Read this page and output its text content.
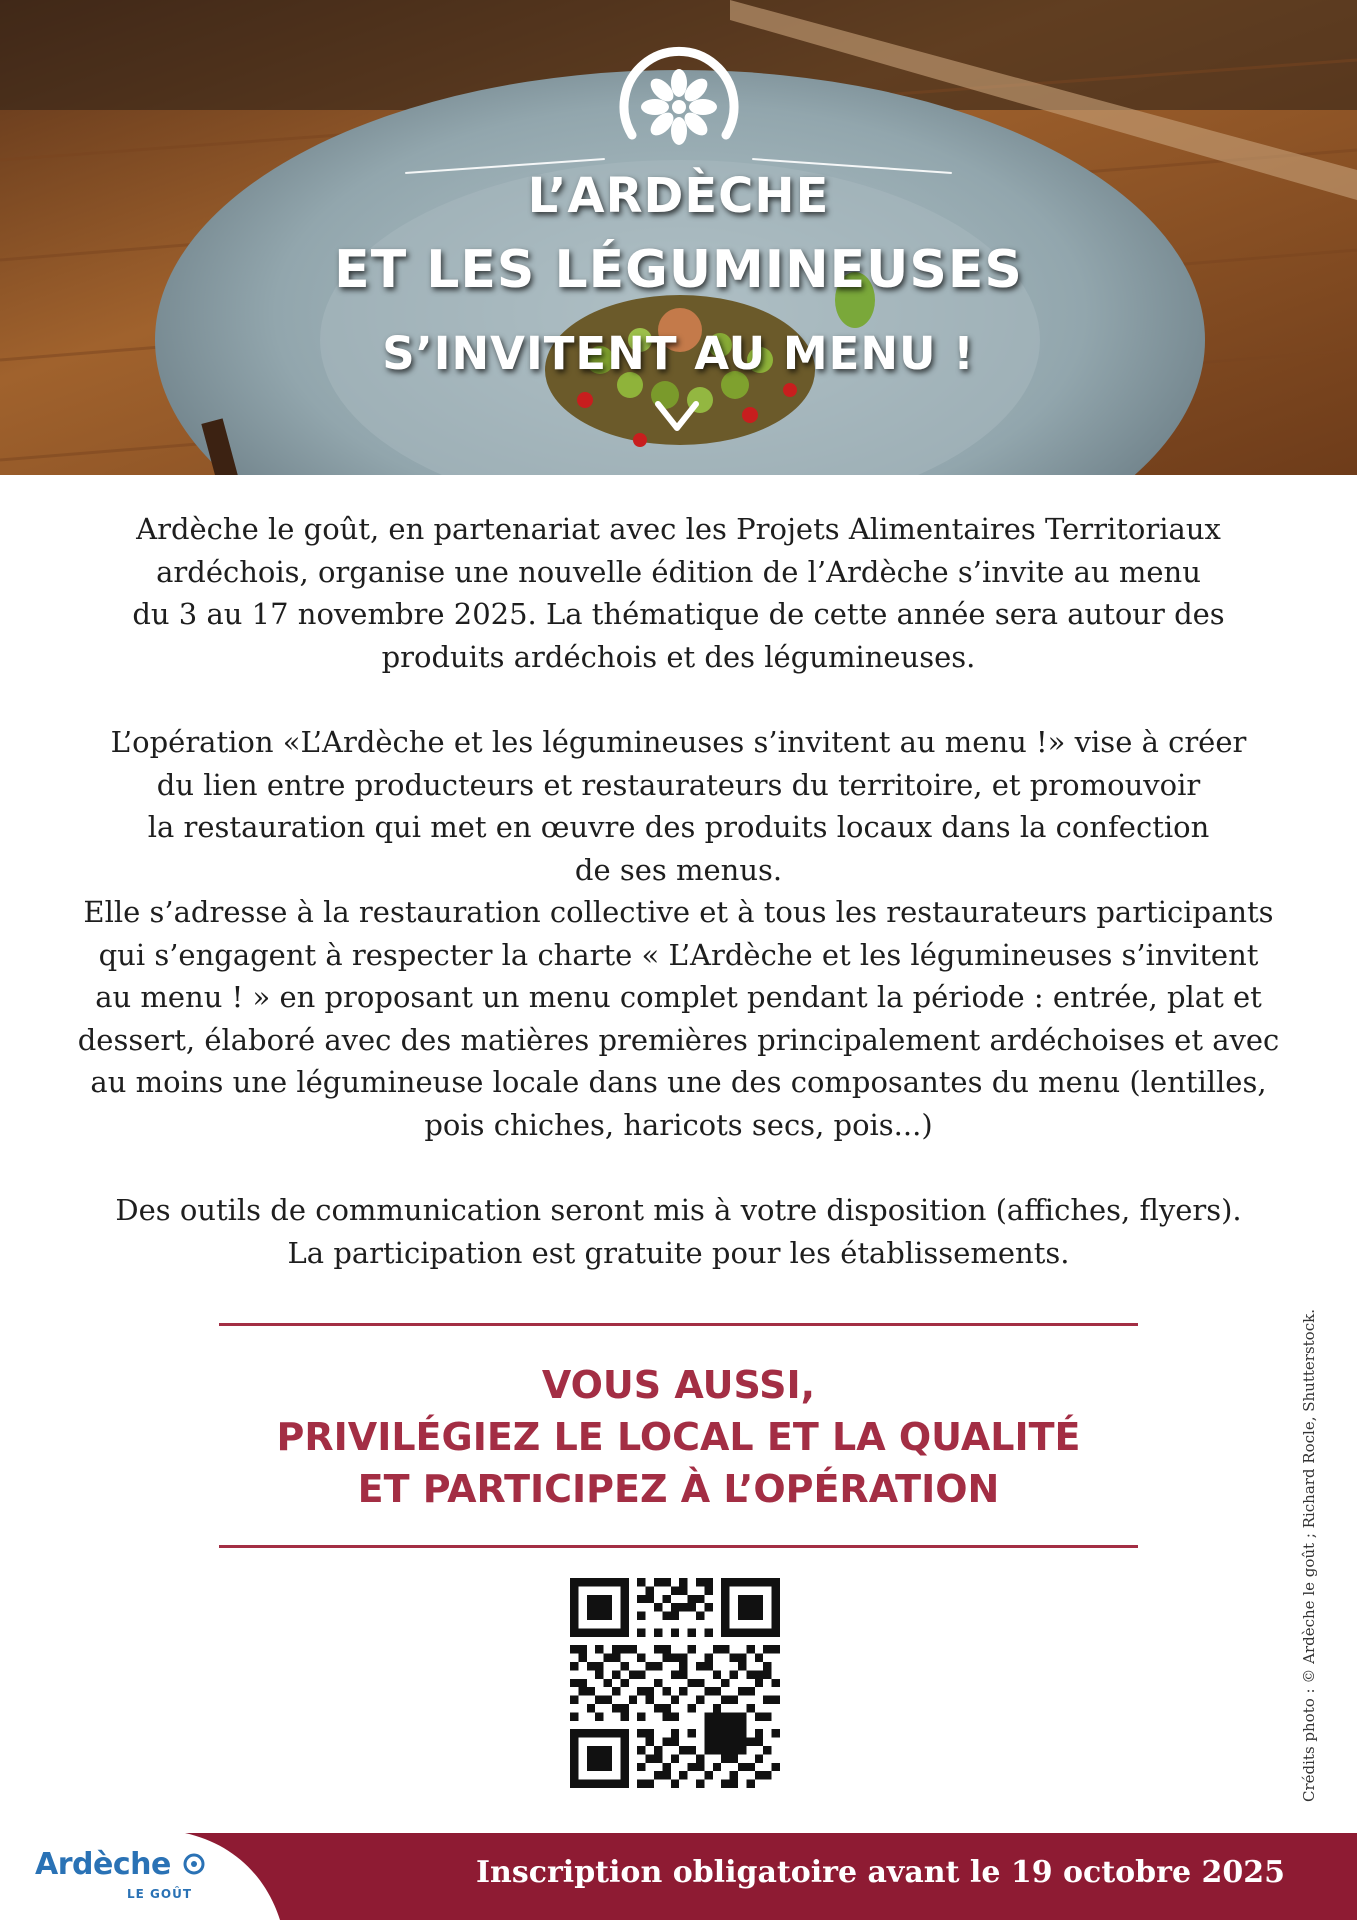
L’ARDÈCHE
ET LES LÉGUMINEUSES
S’INVITENT AU MENU !

Ardèche le goût, en partenariat avec les Projets Alimentaires Territoriaux

ardéchois, organise une nouvelle édition de l’Ardèche s’invite au menu

du 3 au 17 novembre 2025. La thématique de cette année sera autour des

produits ardéchois et des légumineuses.

L’opération «L’Ardèche et les légumineuses s’invitent au menu !» vise à créer

du lien entre producteurs et restaurateurs du territoire, et promouvoir

la restauration qui met en œuvre des produits locaux dans la confection

de ses menus.

Elle s’adresse à la restauration collective et à tous les restaurateurs participants

qui s’engagent à respecter la charte « L’Ardèche et les légumineuses s’invitent

au menu ! » en proposant un menu complet pendant la période : entrée, plat et

dessert, élaboré avec des matières premières principalement ardéchoises et avec

au moins une légumineuse locale dans une des composantes du menu (lentilles,

pois chiches, haricots secs, pois...)

Des outils de communication seront mis à votre disposition (affiches, flyers).

La participation est gratuite pour les établissements.

VOUS AUSSI,
PRIVILÉGIEZ LE LOCAL ET LA QUALITÉ
ET PARTICIPEZ À L’OPÉRATION	Crédits photo : © Ardèche le goût ; Richard Rocle, Shutterstock.
Inscription obligatoire avant le 19 octobre 2025
Ardèche
LE GOÛT
